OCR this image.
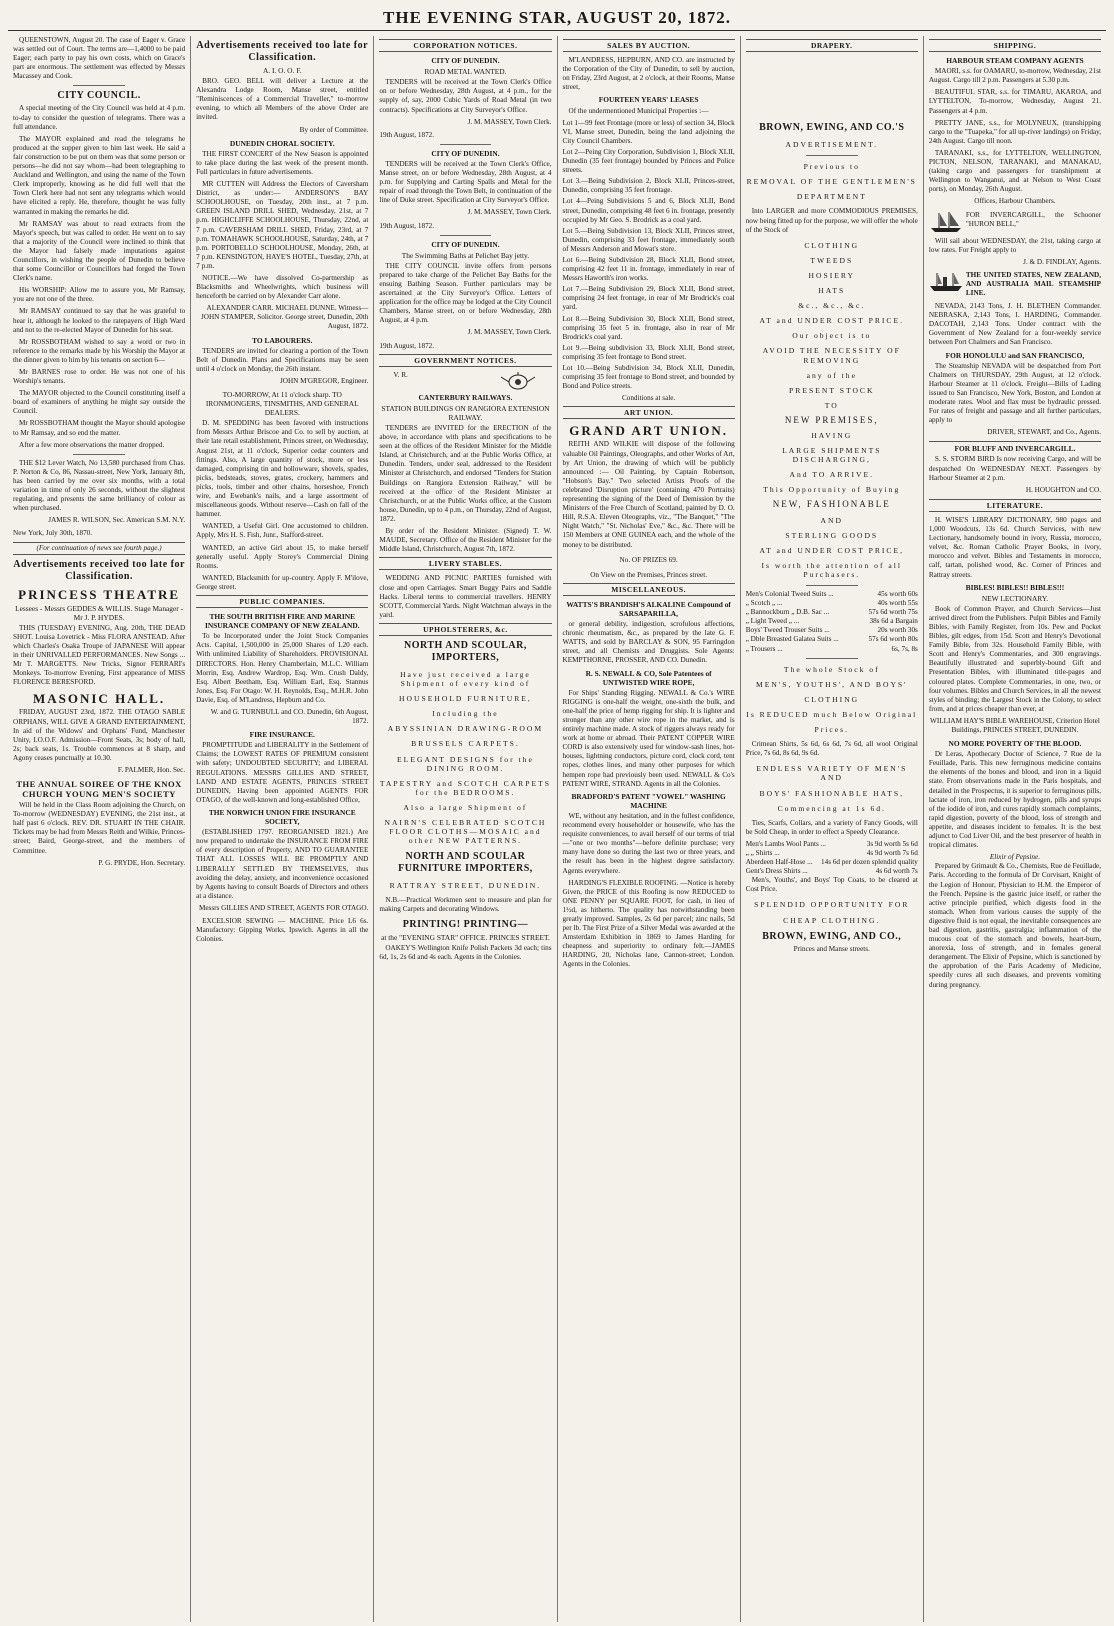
THE EVENING STAR, AUGUST 20, 1872.

QUEENSTOWN, August 20. The case of Eager v. Grace was settled out of Court. The terms are—1,4000 to be paid Eager; each party to pay his own costs, which on Grace's part are enormous. The settlement was effected by Messrs Macassey and Cook.

CITY COUNCIL.

A special meeting of the City Council was held at 4 p.m. to-day to consider the question of telegrams. There was a full attendance.

The MAYOR explained and read the telegrams he produced at the supper given to him last week. He said a fair construction to be put on them was that some person or persons—he did not say whom—had been telegraphing to Auckland and Wellington, and using the name of the Town Clerk improperly, knowing as he did full well that the Town Clerk here had not sent any telegrams which would have elicited a reply. He, therefore, thought he was fully warranted in making the remarks he did.

Mr RAMSAY was about to read extracts from the Mayor's speech, but was called to order. He went on to say that a majority of the Council were inclined to think that the Mayor had falsely made imputations against Councillors, in wishing the people of Dunedin to believe that some Councillor or Councillors had forged the Town Clerk's name.

His WORSHIP: Allow me to assure you, Mr Ramsay, you are not one of the three.

Mr RAMSAY continued to say that he was grateful to hear it, although he looked to the ratepayers of High Ward and not to the re-elected Mayor of Dunedin for his seat.

Mr ROSSBOTHAM wished to say a word or two in reference to the remarks made by his Worship the Mayor at the dinner given to him by his tenants on section 6—

Mr BARNES rose to order. He was not one of his Worship's tenants.

The MAYOR objected to the Council constituting itself a board of examiners of anything he might say outside the Council.

Mr ROSSBOTHAM thought the Mayor should apologise to Mr Ramsay, and so end the matter.

After a few more observations the matter dropped.

THE $12 Lever Watch, No 13,580 purchased from Chas. P. Norton & Co, 86, Nassau-street, New York, January 8th, has been carried by me over six months, with a total variation in time of only 26 seconds, without the slightest regulating, and presents the same brilliancy of colour as when purchased.

JAMES R. WILSON, Sec. American S.M. N.Y.
New York, July 30th, 1870.
(For continuation of news see fourth page.)
Advertisements received too late for Classification.
PRINCESS THEATRE
Lessees - Messrs GEDDES & WILLIS. Stage Manager - Mr J. P. HYDES.

THIS (TUESDAY) EVENING, Aug. 20th, THE DEAD SHOT. Louisa Lovetrick - Miss FLORA ANSTEAD. After which Charles's Osaka Troupe of JAPANESE Will appear in their UNRIVALLED PERFORMANCES. New Songs ... Mr T. MARGETTS. New Tricks, Signor FERRARI's Monkeys. To-morrow Evening, First appearance of MISS FLORENCE BERESFORD.

MASONIC HALL.

FRIDAY, AUGUST 23rd, 1872. THE OTAGO SABLE ORPHANS, WILL GIVE A GRAND ENTERTAINMENT, In aid of the Widows' and Orphans' Fund, Manchester Unity, I.O.O.F. Admission—Front Seats, 3s; body of hall, 2s; back seats, 1s. Trouble commences at 8 sharp, and Agony ceases punctually at 10.30.

F. PALMER, Hon. Sec.
THE ANNUAL SOIREE OF THE KNOX CHURCH YOUNG MEN'S SOCIETY

Will be held in the Class Room adjoining the Church, on To-morrow (WEDNESDAY) EVENING, the 21st inst., at half past 6 o'clock. REV. DR. STUART IN THE CHAIR. Tickets may be had from Messrs Reith and Wilkie, Princes-street; Baird, George-street, and the members of Committee.

P. G. PRYDE, Hon. Secretary.
Advertisements received too late for Classification.
A. I. O. O. F.

BRO. GEO. BELL will deliver a Lecture at the Alexandra Lodge Room, Manse street, entitled "Reminiscences of a Commercial Traveller," to-morrow evening, to which all Members of the above Order are invited.

By order of Committee.
DUNEDIN CHORAL SOCIETY.

THE FIRST CONCERT of the New Season is appointed to take place during the last week of the present month. Full particulars in future advertisements.

MR CUTTEN will Address the Electors of Caversham District, as under:— ANDERSON'S BAY SCHOOLHOUSE, on Tuesday, 20th inst., at 7 p.m. GREEN ISLAND DRILL SHED, Wednesday, 21st, at 7 p.m. HIGHCLIFFE SCHOOLHOUSE, Thursday, 22nd, at 7 p.m. CAVERSHAM DRILL SHED, Friday, 23rd, at 7 p.m. TOMAHAWK SCHOOLHOUSE, Saturday, 24th, at 7 p.m. PORTOBELLO SCHOOLHOUSE, Monday, 26th, at 7 p.m. KENSINGTON, HAYE'S HOTEL, Tuesday, 27th, at 7 p.m.

NOTICE.—We have dissolved Co-partnership as Blacksmiths and Wheelwrights, which business will henceforth be carried on by Alexander Carr alone.

ALEXANDER CARR. MICHAEL DUNNE. Witness—JOHN STAMPER, Solicitor. George street, Dunedin, 20th August, 1872.
TO LABOURERS.

TENDERS are invited for clearing a portion of the Town Belt of Dunedin. Plans and Specifications may be seen until 4 o'clock on Monday, the 26th instant.

JOHN M'GREGOR, Engineer.
TO-MORROW, At 11 o'clock sharp. TO IRONMONGERS, TINSMITHS, AND GENERAL DEALERS.

D. M. SPEDDING has been favored with instructions from Messrs Arthur Briscoe and Co. to sell by auction, at their late retail establishment, Princes street, on Wednesday, August 21st, at 11 o'clock, Superior cedar counters and fittings. Also, A large quantity of stock, more or less damaged, comprising tin and hollowware, shovels, spades, picks, bedsteads, stoves, grates, crockery, hammers and picks, tools, timber and other chains, horseshoe, French wire, and Ewebank's nails, and a large assortment of miscellaneous goods. Without reserve—Cash on fall of the hammer.

WANTED, a Useful Girl. One accustomed to children. Apply, Mrs H. S. Fish, Junr., Stafford-street.

WANTED, an active Girl about 15, to make herself generally useful. Apply Storey's Commercial Dining Rooms.

WANTED, Blacksmith for up-country. Apply F. M'ilove, George street.

PUBLIC COMPANIES.
THE SOUTH BRITISH FIRE AND MARINE INSURANCE COMPANY OF NEW ZEALAND.

To be Incorporated under the Joint Stock Companies Acts. Capital, 1,500,000 in 25,000 Shares of L20 each. With unlimited Liability of Shareholders. PROVISIONAL DIRECTORS. Hon. Henry Chamberlain, M.L.C. William Morrin, Esq. Andrew Wardrop, Esq. Wm. Crush Daldy, Esq. Albert Beetham, Esq. William Earl, Esq. Stannus Jones, Esq. For Otago: W. H. Reynolds, Esq., M.H.R. John Davie, Esq. of M'Landress, Hepburn and Co.

W. and G. TURNBULL and CO. Dunedin, 6th August, 1872.
FIRE INSURANCE.

PROMPTITUDE and LIBERALITY in the Settlement of Claims; the LOWEST RATES OF PREMIUM consistent with safety; UNDOUBTED SECURITY; and LIBERAL REGULATIONS. MESSRS GILLIES AND STREET, LAND AND ESTATE AGENTS, PRINCES STREET DUNEDIN, Having been appointed AGENTS FOR OTAGO, of the well-known and long-established Office,

THE NORWICH UNION FIRE INSURANCE SOCIETY,

(ESTABLISHED 1797. REORGANISED 1821.) Are now prepared to undertake the INSURANCE FROM FIRE of every description of Property, AND TO GUARANTEE THAT ALL LOSSES WILL BE PROMPTLY AND LIBERALLY SETTLED BY THEMSELVES, thus avoiding the delay, anxiety, and inconvenience occasioned by Agents having to consult Boards of Directors and others at a distance.

Messrs GILLIES AND STREET, AGENTS FOR OTAGO.

EXCELSIOR SEWING — MACHINE. Price L6 6s. Manufactory: Gipping Works, Ipswich. Agents in all the Colonies.

CORPORATION NOTICES.
CITY OF DUNEDIN.
ROAD METAL WANTED.

TENDERS will be received at the Town Clerk's Office on or before Wednesday, 28th August, at 4 p.m., for the supply of, say, 2000 Cubic Yards of Road Metal (in two contracts). Specifications at City Surveyor's Office.

J. M. MASSEY, Town Clerk.
19th August, 1872.
CITY OF DUNEDIN.

TENDERS will be received at the Town Clerk's Office, Manse street, on or before Wednesday, 28th August, at 4 p.m. for Supplying and Carting Spalls and Metal for the repair of road through the Town Belt, in continuation of the line of Duke street. Specification at City Surveyor's Office.

J. M. MASSEY, Town Clerk.
19th August, 1872.
CITY OF DUNEDIN.
The Swimming Baths at Pelichet Bay jetty.

THE CITY COUNCIL invite offers from persons prepared to take charge of the Pelichet Bay Baths for the ensuing Bathing Season. Further particulars may be ascertained at the City Surveyor's Office. Letters of application for the office may be lodged at the City Council Chambers, Manse street, on or before Wednesday, 28th August, at 4 p.m.

J. M. MASSEY, Town Clerk.
19th August, 1872.
GOVERNMENT NOTICES.
V. R.
CANTERBURY RAILWAYS.
STATION BUILDINGS ON RANGIORA EXTENSION RAILWAY.

TENDERS are INVITED for the ERECTION of the above, in accordance with plans and specifications to be seen at the offices of the Resident Minister for the Middle Island, at Christchurch, and at the Public Works Office, at Dunedin. Tenders, under seal, addressed to the Resident Minister at Christchurch, and endorsed "Tenders for Station Buildings on Rangiora Extension Railway," will be received at the office of the Resident Minister at Christchurch, or at the Public Works office, at the Custom house, Dunedin, up to 4 p.m., on Thursday, 22nd of August, 1872.

By order of the Resident Minister. (Signed) T. W. MAUDE, Secretary. Office of the Resident Minister for the Middle Island, Christchurch, August 7th, 1872.

LIVERY STABLES.

WEDDING AND PICNIC PARTIES furnished with close and open Carriages. Smart Buggy Pairs and Saddle Hacks. Liberal terms to commercial travellers. HENRY SCOTT, Commercial Yards. Night Watchman always in the yard.

UPHOLSTERERS, &c.
NORTH AND SCOULAR, IMPORTERS,
Have just received a large Shipment of every kind of
HOUSEHOLD FURNITURE,
Including the
ABYSSINIAN DRAWING-ROOM
BRUSSELS CARPETS.
ELEGANT DESIGNS for the DINING ROOM.
TAPESTRY and SCOTCH CARPETS for the BEDROOMS.
Also a large Shipment of
NAIRN'S CELEBRATED SCOTCH FLOOR CLOTHS—MOSAIC and other NEW PATTERNS.
NORTH AND SCOULAR FURNITURE IMPORTERS,
RATTRAY STREET, DUNEDIN.

N.B.—Practical Workmen sent to measure and plan for making Carpets and decorating Windows.

PRINTING! PRINTING—
at the "EVENING STAR" OFFICE. PRINCES STREET.

OAKEY'S Wellington Knife Polish Packets 3d each; tins 6d, 1s, 2s 6d and 4s each. Agents in the Colonies.

SALES BY AUCTION.

M'LANDRESS, HEPBURN, AND CO. are instructed by the Corporation of the City of Dunedin, to sell by auction, on Friday, 23rd August, at 2 o'clock, at their Rooms, Manse street,

FOURTEEN YEARS' LEASES

Of the undermentioned Municipal Properties :—

Lot 1—99 feet Frontage (more or less) of section 34, Block VI, Manse street, Dunedin, being the land adjoining the City Council Chambers.
Lot 2—Peing City Corporation, Subdivision 1, Block XLII, Dunedin (35 feet frontage) bounded by Princes and Police streets.
Lot 3.—Being Subdivision 2, Block XLII, Princes-street, Dunedin, comprising 35 feet frontage.
Lot 4—Peing Subdivisions 5 and 6, Block XLII, Bond street, Dunedin, comprising 48 feet 6 in. frontage, presently occupied by Mr Geo. S. Brodrick as a coal yard.
Lot 5.—Being Subdivision 13, Block XLII, Princes street, Dunedin, comprising 33 feet frontage, immediately south of Messrs Anderson and Mowat's store.
Lot 6.—Being Subdivision 28, Block XLII, Bond street, comprising 42 feet 11 in. frontage, immediately in rear of Messrs Haworth's iron works.
Lot 7.—Being Subdivision 29, Block XLII, Bond street, comprising 24 feet frontage, in rear of Mr Brodrick's coal yard.
Lot 8.—Being Subdivision 30, Block XLII, Bond street, comprising 35 feet 5 in. frontage, also in rear of Mr Brodrick's coal yard.
Lot 9.—Being subdivision 33, Block XLII, Bond street, comprising 35 feet frontage to Bond street.
Lot 10.—Being Subdivision 34, Block XLII, Dunedin, comprising 35 feet frontage to Bond street, and bounded by Bond and Police streets.
Conditions at sale.
ART UNION.
GRAND ART UNION.

REITH AND WILKIE will dispose of the following valuable Oil Paintings, Oleographs, and other Works of Art, by Art Union, the drawing of which will be publicly announced :— Oil Painting, by Captain Robertson, "Hobson's Bay." Two selected Artists Proofs of the celebrated 'Disruption picture' (containing 470 Portraits) representing the signing of the Deed of Demission by the Ministers of the Free Church of Scotland, painted by D. O. Hill, R.S.A. Eleven Oleographs, viz., "The Banquet," "The Night Watch," "St. Nicholas' Eve," &c., &c. There will be 150 Members at ONE GUINEA each, and the whole of the money to be distributed.

No. OF PRIZES 69.
On View on the Premises, Princes street.
MISCELLANEOUS.
WATTS'S BRANDISH'S ALKALINE Compound of SARSAPARILLA,

or general debility, indigestion, scrofulous affections, chronic rheumatism, &c., as prepared by the late G. F. WATTS, and sold by BARCLAY & SON, 95 Farringdon street, and all Chemists and Druggists. Sole Agents: KEMPTHORNE, PROSSER, AND CO. Dunedin.

R. S. NEWALL & CO, Sole Patentees of UNTWISTED WIRE ROPE,

For Ships' Standing Rigging. NEWALL & Co.'s WIRE RIGGING is one-half the weight, one-sixth the bulk, and one-half the price of hemp rigging for ship. It is lighter and stronger than any other wire rope in the market, and is entirely machine made. A stock of riggers always ready for work at home or abroad. Their PATENT COPPER WIRE CORD is also extensively used for window-sash lines, hot-houses, lightning conductors, picture cord, clock cord, tent ropes, clothes lines, and many other purposes for which hempen rope had previously been used. NEWALL & Co's PATENT WIRE, STRAND. Agents in all the Colonies.

BRADFORD'S PATENT "VOWEL" WASHING MACHINE

WE, without any hesitation, and in the fullest confidence, recommend every householder or housewife, who has the requisite conveniences, to avail herself of our terms of trial—"one or two months"—before definite purchase; very many have done so during the last two or three years, and the result has been in the highest degree satisfactory. Agents everywhere.

HARDING'S FLEXIBLE ROOFING. —Notice is hereby Given, the PRICE of this Roofing is now REDUCED to ONE PENNY per SQUARE FOOT, for cash, in lieu of 1½d, as hitherto. The quality has notwithstanding been greatly improved. Samples, 2s 6d per parcel; zinc nails, 5d per lb. The First Prize of a Silver Medal was awarded at the Amsterdam Exhibition in 1869 to James Harding for cheapness and superiority to ordinary felt.—JAMES HARDING, 20, Nicholas lane, Cannon-street, London. Agents in the Colonies.

DRAPERY.
BROWN, EWING, AND CO.'S
ADVERTISEMENT.
Previous to
REMOVAL OF THE GENTLEMEN'S
DEPARTMENT

Into LARGER and more COMMODIOUS PREMISES, now being fitted up for the purpose, we will offer the whole of the Stock of

CLOTHING
TWEEDS
HOSIERY
HATS
&c., &c., &c.
AT and UNDER COST PRICE.
Our object is to
AVOID THE NECESSITY OF REMOVING
any of the
PRESENT STOCK
TO
NEW PREMISES,
HAVING
LARGE SHIPMENTS DISCHARGING,
And TO ARRIVE.
This Opportunity of Buying
NEW, FASHIONABLE
AND
STERLING GOODS
AT and UNDER COST PRICE,
Is worth the attention of all Purchasers.
Men's Colonial Tweed Suits ...	45s worth 60s
„ Scotch „ ...	40s worth 55s
„ Bannockburn „ D.B. Sac ...	57s 6d worth 75s
„ Light Tweed „ ...	38s 6d a Bargain
Boys' Tweed Trouser Suits ...	20s worth 30s
„ Dble Breasted Galatea Suits ...	57s 6d worth 80s
„ Trousers ...	6s, 7s, 8s
The whole Stock of
MEN'S, YOUTHS', AND BOYS'
CLOTHING
Is REDUCED much Below Original
Prices.

Crimean Shirts, 5s 6d, 6s 6d, 7s 6d, all wool Original Price, 7s 6d, 8s 6d, 9s 6d.

ENDLESS VARIETY OF MEN'S AND
BOYS' FASHIONABLE HATS,
Commencing at 1s 6d.

Ties, Scarfs, Collars, and a variety of Fancy Goods, will be Sold Cheap, in order to effect a Speedy Clearance.

Men's Lambs Wool Pants ...	3s 9d worth 5s 6d
„ „ Shirts ...	4s 9d worth 7s 6d
Aberdeen Half-Hose ... 14s 6d per dozen splendid quality
Gent's Dress Shirts ...	4s 6d worth 7s

Men's, Youths', and Boys' Top Coats, to be cleared at Cost Price.

SPLENDID OPPORTUNITY FOR
CHEAP CLOTHING.
BROWN, EWING, AND CO.,
Princes and Manse streets.
SHIPPING.
HARBOUR STEAM COMPANY AGENTS

MAORI, s.s. for OAMARU, to-morrow, Wednesday, 21st August. Cargo till 2 p.m. Passengers at 5.30 p.m.

BEAUTIFUL STAR, s.s. for TIMARU, AKAROA, and LYTTELTON, To-morrow, Wednesday, August 21. Passengers at 4 p.m.

PRETTY JANE, s.s., for MOLYNEUX, (transhipping cargo to the "Tuapeka," for all up-river landings) on Friday, 24th August. Cargo till noon.

TARANAKI, s.s., for LYTTELTON, WELLINGTON, PICTON, NELSON, TARANAKI, and MANAKAU, (taking cargo and passengers for transhipment at Wellington to Wanganui, and at Nelson to West Coast ports), on Monday, 26th August.

Offices, Harbour Chambers.
FOR INVERCARGILL, the Schooner "HURON BELL,"

Will sail about WEDNESDAY, the 21st, taking cargo at low rates. For Freight apply to

J. & D. FINDLAY, Agents.
THE UNITED STATES, NEW ZEALAND, AND AUSTRALIA MAIL STEAMSHIP LINE.

NEVADA, 2143 Tons, J. H. BLETHEN Commander. NEBRASKA, 2,143 Tons, I. HARDING, Commander. DACOTAH, 2,143 Tons. Under contract with the Government of New Zealand for a four-weekly service between Port Chalmers and San Francisco.

FOR HONOLULU and SAN FRANCISCO,

The Steamship NEVADA will be despatched from Port Chalmers on THURSDAY, 29th August, at 12 o'clock. Harbour Steamer at 11 o'clock. Freight—Bills of Lading issued to San Francisco, New York, Boston, and London at moderate rates. Wool and flax must be hydraulic pressed. For rates of freight and passage and all further particulars, apply to

DRIVER, STEWART, and Co., Agents.
FOR BLUFF AND INVERCARGILL.

S. S. STORM BIRD Is now receiving Cargo, and will be despatched On WEDNESDAY NEXT. Passengers by Harbour Steamer at 2 p.m.

H. HOUGHTON and CO.
LITERATURE.

H. WISE'S LIBRARY DICTIONARY, 980 pages and 1,000 Woodcuts, 13s 6d. Church Services, with new Lectionary, handsomely bound in ivory, Russia, morocco, velvet, &c. Roman Catholic Prayer Books, in ivory, morocco and velvet. Bibles and Testaments in morocco, calf, tartan, polished wood, &c. Corner of Princes and Rattray streets.

BIBLES! BIBLES!! BIBLES!!!
NEW LECTIONARY.

Book of Common Prayer, and Church Services—Just arrived direct from the Publishers. Pulpit Bibles and Family Bibles, with Family Register, from 10s. Pew and Pocket Bibles, gilt edges, from 15d. Scott and Henry's Devotional Family Bible, from 32s. Household Family Bible, with Scott and Henry's Commentaries, and 300 engravings. Beautifully illustrated and superbly-bound Gift and Presentation Bibles, with illuminated title-pages and coloured plates. Complete Commentaries, in one, two, or four volumes. Bibles and Church Services, in all the newest styles of binding; the Largest Stock in the Colony, to select from, and at prices cheaper than ever, at

WILLIAM HAY'S BIBLE WAREHOUSE, Criterion Hotel Buildings, PRINCES STREET, DUNEDIN.
NO MORE POVERTY OF THE BLOOD.

Dr Leras, Apothecary Doctor of Science, 7 Rue de la Feuillade, Paris. This new ferruginous medicine contains the elements of the bones and blood, and iron in a liquid state. From observations made in the Paris hospitals, and detailed in the Prospectus, it is superior to ferruginous pills, lactate of iron, iron reduced by hydrogen, pills and syrups of the iodide of iron, and cures rapidly stomach complaints, rapid digestion, poverty of the blood, loss of strength and appetite, and diseases incident to females. It is the best adjunct to Cod Liver Oil, and the best preserver of health in tropical climates.

Elixir of Pepsine.

Prepared by Grimault & Co., Chemists, Rue de Feuillade, Paris. According to the formula of Dr Corvisart, Knight of the Legion of Honour, Physician to H.M. the Emperor of the French. Pepsine is the gastric juice itself, or rather the active principle purified, which digests food in the stomach. When from various causes the supply of the digestive fluid is not equal, the inevitable consequences are bad digestion, gastritis, gastralgia; inflammation of the mucous coat of the stomach and bowels, heart-burn, anorexia, loss of strength, and in females general derangement. The Elixir of Pepsine, which is sanctioned by the approbation of the Paris Academy of Medicine, speedily cures all such diseases, and prevents vomiting during pregnancy.
